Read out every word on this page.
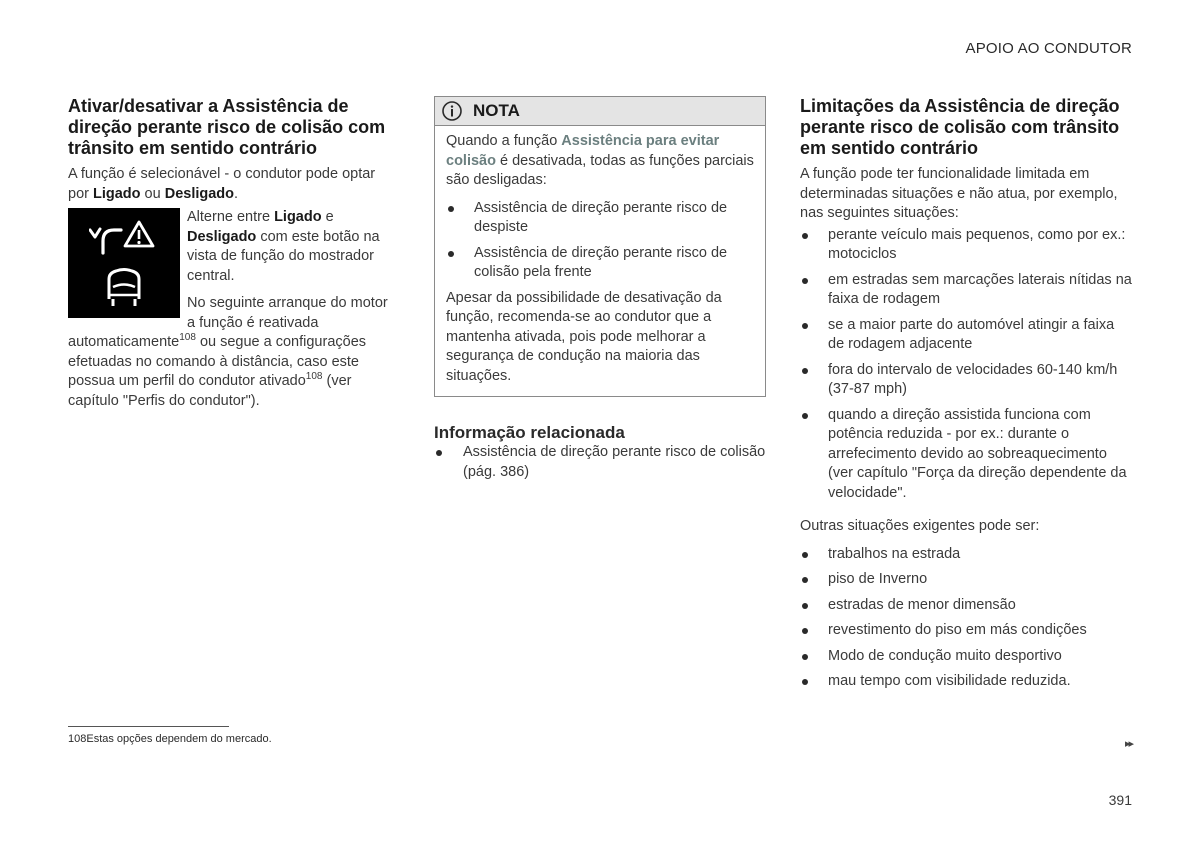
APOIO AO CONDUTOR
Ativar/desativar a Assistência de direção perante risco de colisão com trânsito em sentido contrário

A função é selecionável - o condutor pode optar por Ligado ou Desligado.

Alterne entre Ligado e Desligado com este botão na vista de função do mostrador central.

No seguinte arranque do motor a função é reativada automaticamente$^{108}$ ou segue a configurações efetuadas no comando à distância, caso este possua um perfil do condutor ativado$^{108}$ (ver capítulo "Perfis do condutor").

NOTA

Quando a função Assistência para evitar colisão é desativada, todas as funções parciais são desligadas:

Assistência de direção perante risco de despiste
Assistência de direção perante risco de colisão pela frente

Apesar da possibilidade de desativação da função, recomenda-se ao condutor que a mantenha ativada, pois pode melhorar a segurança de condução na maioria das situações.

Informação relacionada
Assistência de direção perante risco de colisão (pág. 386)
Limitações da Assistência de direção perante risco de colisão com trânsito em sentido contrário

A função pode ter funcionalidade limitada em determinadas situações e não atua, por exemplo, nas seguintes situações:

perante veículo mais pequenos, como por ex.: motociclos
em estradas sem marcações laterais nítidas na faixa de rodagem
se a maior parte do automóvel atingir a faixa de rodagem adjacente
fora do intervalo de velocidades 60-140 km/h (37-87 mph)
quando a direção assistida funciona com potência reduzida - por ex.: durante o arrefecimento devido ao sobreaquecimento (ver capítulo "Força da direção dependente da velocidade".

Outras situações exigentes pode ser:

trabalhos na estrada
piso de Inverno
estradas de menor dimensão
revestimento do piso em más condições
Modo de condução muito desportivo
mau tempo com visibilidade reduzida.
108Estas opções dependem do mercado.	▸▸
391
